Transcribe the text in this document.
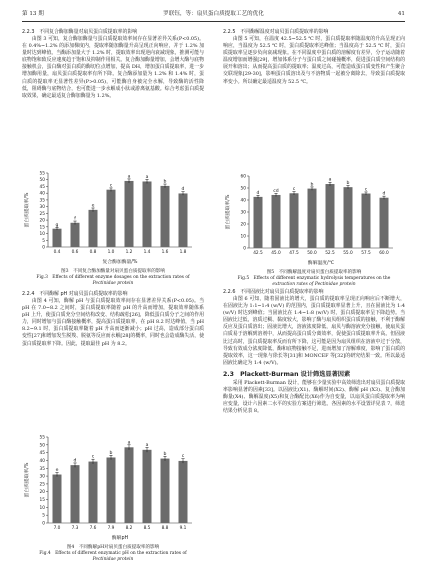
第 13 期	罗联钰，等：扇贝蛋白质提取工艺的优化	41
2.2.3　不同复合酶加酶量对扇贝蛋白质提取率的影响

由图 3 可知，复合酶加酶量与蛋白质提取效率间存在显著差异关系(P<0.05)。在 0.4%~1.2% 的添加梯度内，提取率随加酶量升高呈现正向响应，并于 1.2% 加量时达到峰值。当酶添加量大于 1.2% 时，提取效率出现逆向衰减现象，推测可能与底物饱和致反应速度趋于饱和及抑制作用相关。复合酶加酶量增加，会增大酶与底物接触机会，蛋白酶对蛋白质的酶切位点增加，提高 DH，增加蛋白质提取率，进一步增加酶用量，扇贝蛋白质提取率有所下降。复合酶添加量为 1.2% 和 1.4% 时，蛋白质的提取率无显著性差异(P>0.05)，可能酶自身被完全水解，导致酶的活性降低，阻碍酶与底物结合，也可能进一步水解成小肽或游离氨基酸。综合考虑蛋白质提取效果，确定最适复合酶加酶量为 1.2%。

0
5
10
15
20
25
30
35
40
45
50
55
g
0.4
f
0.6
e
0.8
c
1.0
a
1.2
a
1.4
b
1.6
d
1.8
复合酶加酶量/%
蛋白质提取率/%
图3　不同复合酶加酶量对扇贝蛋白质提取率的影响
Fig.3　Effects of different enzyme dosages on the extraction rates of
Pectinidae protein
2.2.4　不同酶解 pH 对扇贝蛋白质提取率的影响

由图 4 可知，酶解 pH 与蛋白质提取效率间存在显著差异关系(P<0.05)。当 pH 在 7.0~8.2 之间时，蛋白质提取率随着 pH 的升高而增加，提取效率随体系 pH 上升，使蛋白质充分空间结构改变、结构疏松[26]，降低蛋白质分子之间的作用力，同时增加与蛋白酶接触概率，提高蛋白质提取率，在 pH 8.2 时达峰值，当 pH 8.2~9.1 时，蛋白质提取率随着 pH 升高而逐渐减小；pH 过高，造成部分蛋白质变性[27]和增加发生脱羧、脱氨等反应而水解[28]的概率，同时也会造成酶失活，使蛋白质提取率下降。因此，提取最佳 pH 为 8.2。

0
5
10
15
20
25
30
35
40
45
50
55
e
7.0
d
7.3
c
7.6
b
7.9
a
8.2
a
8.5
b
8.8
c
9.1
酶解pH
蛋白质提取率/%
图4　不同酶解pH对扇贝蛋白质提取率的影响
Fig.4　Effects of different enzymatic pH on the extraction rates of
Pectinidae protein
2.2.5　不同酶解温度对扇贝蛋白质提取率的影响

由图 5 可知，在温度 42.5~52.5 ℃ 时，蛋白质提取率随温度的升高呈现正向响应，当温度为 52.5 ℃ 时，蛋白质提取率达峰值；当温度高于 52.5 ℃ 时，蛋白质提取率呈逐步负向衰减现象。在不同温度中蛋白质的溶解度有差异，分子运动随着温度增加而增强[29]，增加体系分子与蛋白质之间碰撞概率，促进蛋白质空间结构的展开和溶出；从而提高蛋白质的提取率；温度过高，可能造成蛋白质变性和产生聚合交联现象[29-30]，影响蛋白质溶出及与不溶物质一起被分离除去，导致蛋白质提取率变小。所以确定最适温度为 52.5 ℃。

0
10
20
30
40
50
60
d
42.5
cd
45.0
c
47.5
b
50.0
a
52.5
b
55.0
c
57.5
d
60.0
酶解温度/℃
蛋白质提取率/%
图5　不同酶解温度对扇贝蛋白质提取率的影响
Fig.5　Effects of different enzymatic hydrolysis temperatures on the
extraction rates of Pectinidae protein
2.2.6　不同固液比对扇贝蛋白质提取率的影响

由图 6 可知，随着固液比的增大，蛋白质的提取率呈现正向响应后不断增大，在固液比为 1:1~1:4 (w/V) 的范围内，蛋白质提取率显著上升，且在固液比为 1:4 (w/V) 时达到峰值；当固液比在 1:4~1:8 (w/V) 时，蛋白质提取率呈下降趋势。当固液比过低，溶质过稠、黏度较大，影响了酶与扇贝组织蛋白质的接触，不利于酶解反应及蛋白质溶出；固液比增大，溶液浓度降低，扇贝与酶溶液充分接触，使扇贝蛋白质易于溶解到溶剂中，从而提高蛋白质分离效率，促使蛋白质提取率升高。但固液比过高时，蛋白质提取率反而有所下降，这可能是因为扇贝组织在溶液中过于分散，导致有效成分浓度降低，酶和底物接触不足，进而增加了溶解难度，影响了蛋白质的提取效率，这一现象与徐长等[31]和 MONCEF 等[32]的研究结果一致。所以最适固液比确定为 1:4 (w/V)。

2.3　Plackett-Burman 设计筛选显著因素

采用 Plackett-Burman 设计，能够在少量实验中高效筛选出对扇贝蛋白质提取率影响显著的因素[33]。以固液比(X1)、酶解时间(X2)、酶解 pH (X3)、复合酶加酶量(X4)、酶解温度(X5)和复合酶配比(X6)作为自变量，以扇贝蛋白质提取率为响应变量，设计六因素二水平的实验方案进行筛选。各因素的水平设置详见表 7，筛选结果分析见表 8。
